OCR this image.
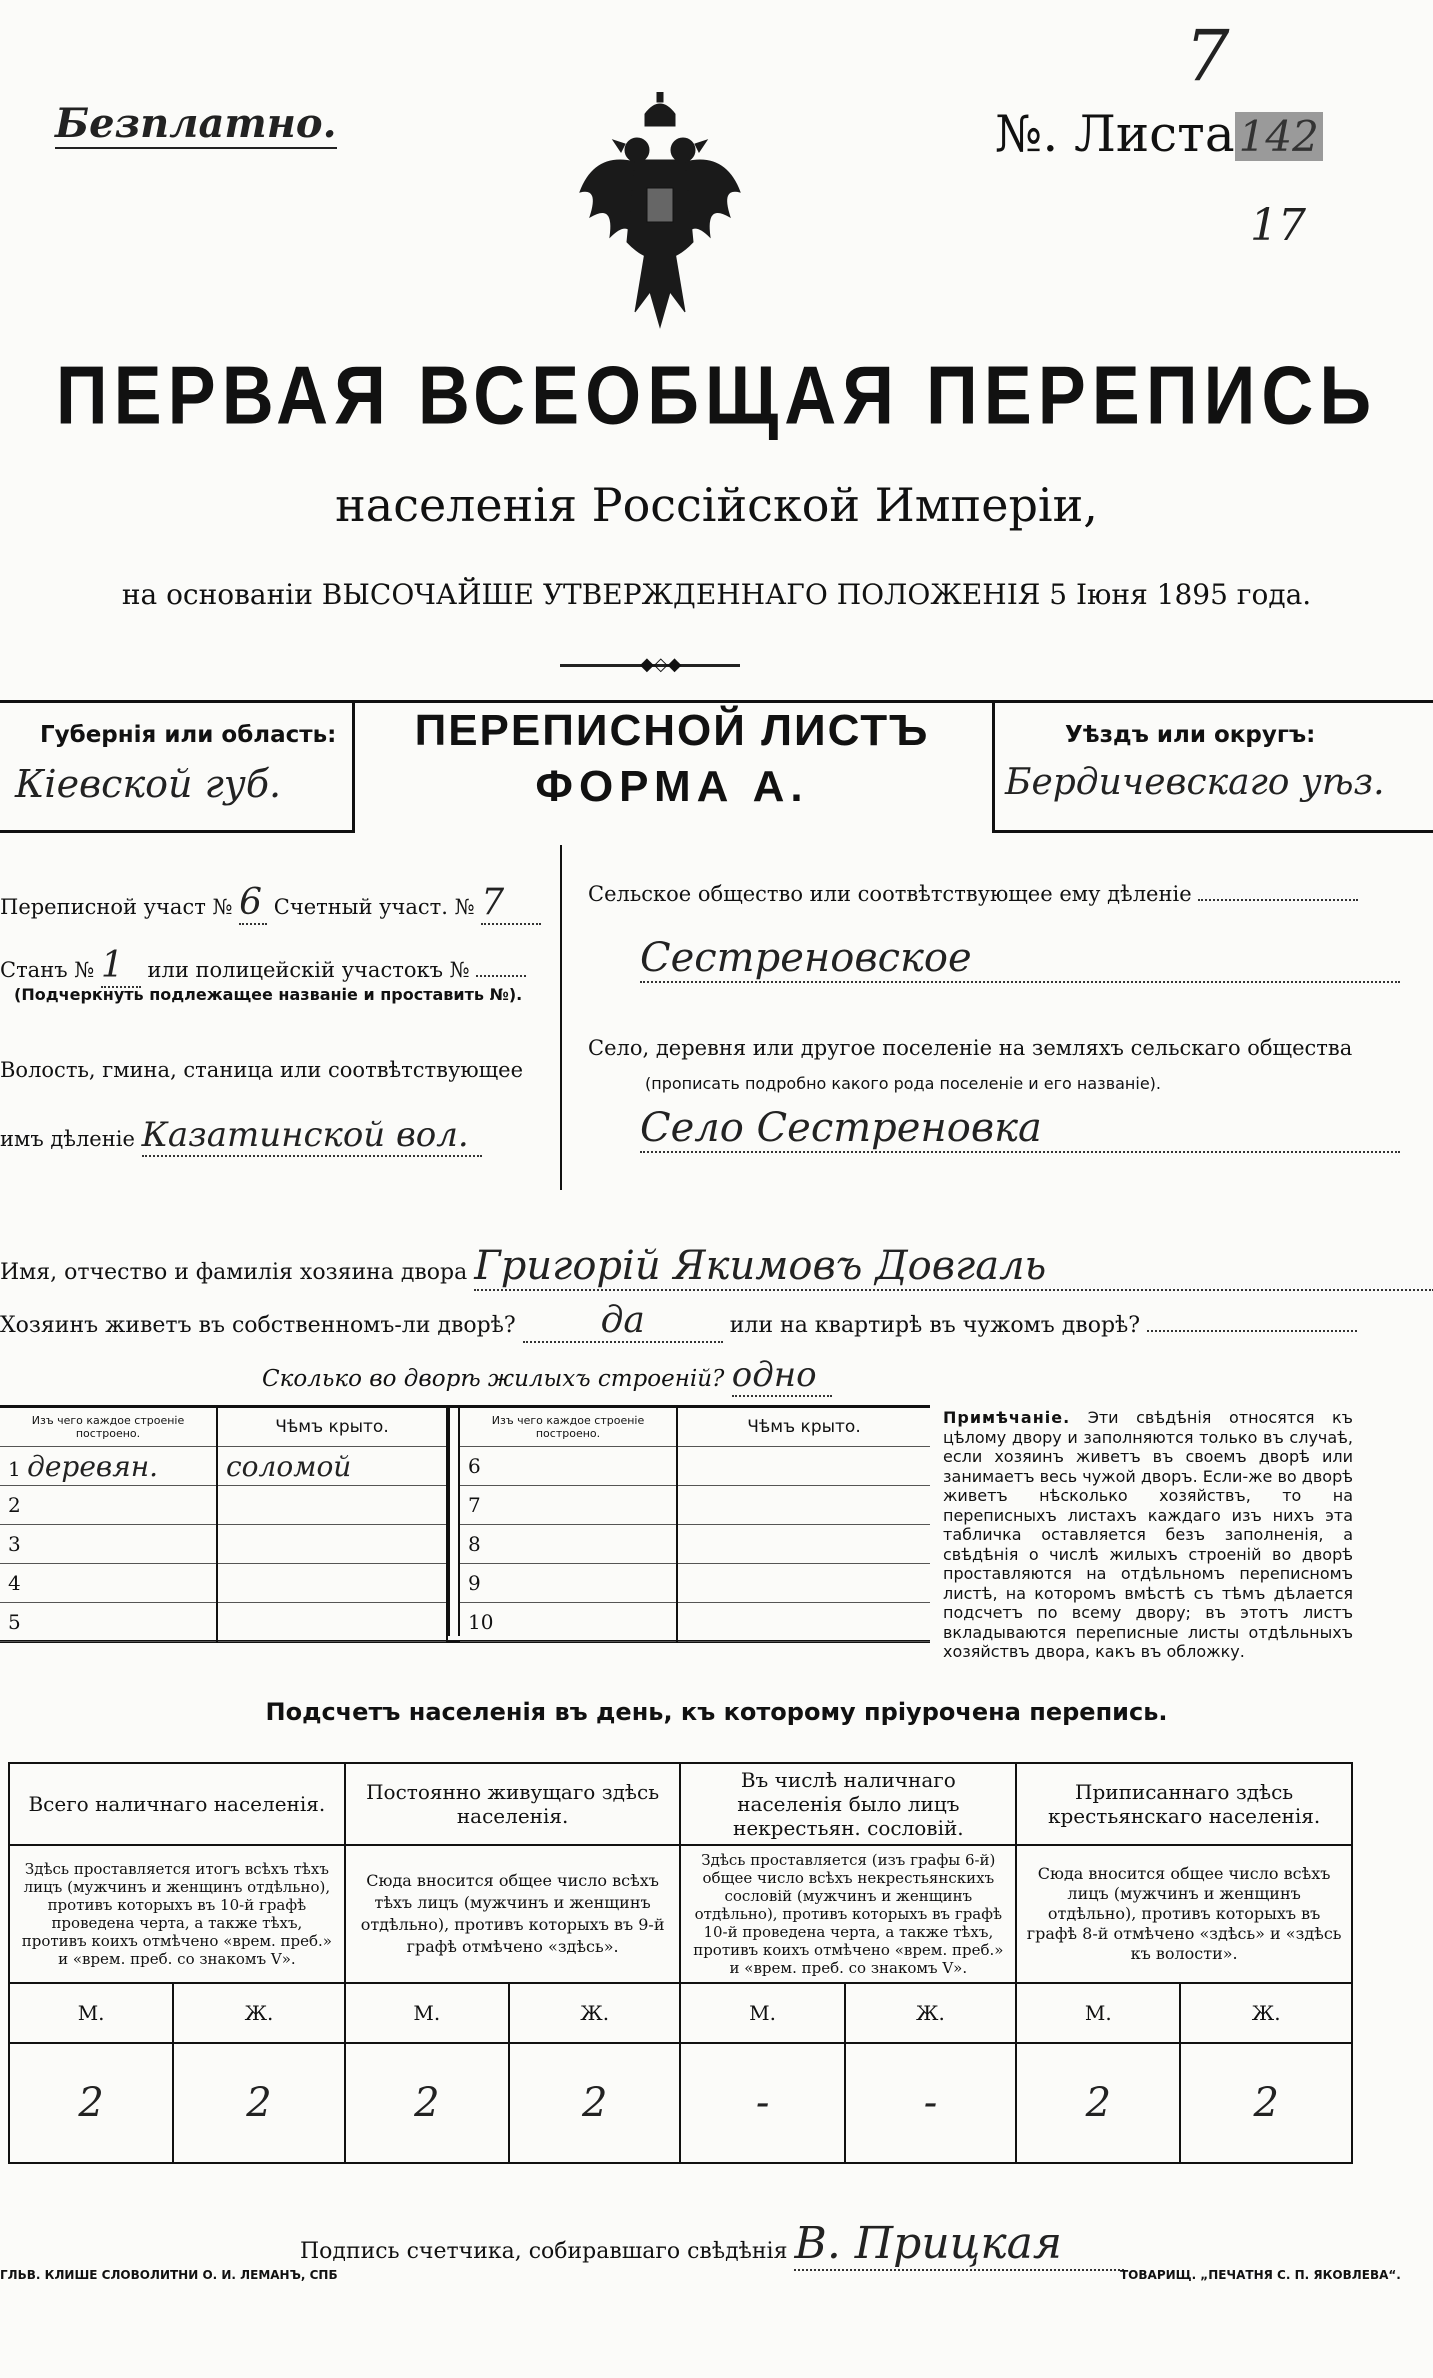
Безплатно.	№. Листа142
7
17
ПЕРВАЯ ВСЕОБЩАЯ ПЕРЕПИСЬ
населенія Россійской Имперіи,
на основаніи ВЫСОЧАЙШЕ УТВЕРЖДЕННАГО ПОЛОЖЕНІЯ 5 Іюня 1895 года.
◆◇◆
Губернія или область:
Кіевской губ.
ПЕРЕПИСНОЙ ЛИСТЪ
ФОРМА А.
Уѣздъ или округъ:
Бердичевскаго уѣз.
Переписной участ № 6 Счетный участ. № 7
Станъ № 1 или полицейскій участокъ №
(Подчеркнуть подлежащее названіе и проставить №).
Волость, гмина, станица или соотвѣтствующее
имъ дѣленіе Казатинской вол.
Сельское общество или соотвѣтствующее ему дѣленіе
Сестреновское
Село, деревня или другое поселеніе на земляхъ сельскаго общества
(прописать подробно какого рода поселеніе и его названіе).
Село Сестреновка
Имя, отчество и фамилія хозяина двора Григорій Якимовъ Довгаль
Хозяинъ живетъ въ собственномъ-ли дворѣ? да	или на квартирѣ въ чужомъ дворѣ?
Сколько во дворѣ жилыхъ строеній? одно
Изъ чего каждое строеніе построено.	Чѣмъ крыто.
1 деревян.	соломой
2	
3	
4	
5	
Изъ чего каждое строеніе построено.	Чѣмъ крыто.
6	
7	
8	
9	
10	
Примѣчаніе. Эти свѣдѣнія относятся къ цѣлому двору и заполняются только въ случаѣ, если хозяинъ живетъ въ своемъ дворѣ или занимаетъ весь чужой дворъ. Если-же во дворѣ живетъ нѣсколько хозяйствъ, то на переписныхъ листахъ каждаго изъ нихъ эта табличка оставляется безъ заполненія, а свѣдѣнія о числѣ жилыхъ строеній во дворѣ проставляются на отдѣльномъ переписномъ листѣ, на которомъ вмѣстѣ съ тѣмъ дѣлается подсчетъ по всему двору; въ этотъ листъ вкладываются переписные листы отдѣльныхъ хозяйствъ двора, какъ въ обложку.
Подсчетъ населенія въ день, къ которому пріурочена перепись.
Всего наличнаго населенія.		Постоянно живущаго здѣсь населенія.		Въ числѣ наличнаго населенія было лицъ некрестьян. сословій.		Приписаннаго здѣсь крестьянскаго населенія.	
Здѣсь проставляется итогъ всѣхъ тѣхъ лицъ (мужчинъ и женщинъ отдѣльно), противъ которыхъ въ 10-й графѣ проведена черта, а также тѣхъ, противъ коихъ отмѣчено «врем. преб.» и «врем. преб. со знакомъ V».		Сюда вносится общее число всѣхъ тѣхъ лицъ (мужчинъ и женщинъ отдѣльно), противъ которыхъ въ 9-й графѣ отмѣчено «здѣсь».		Здѣсь проставляется (изъ графы 6-й) общее число всѣхъ некрестьянскихъ сословій (мужчинъ и женщинъ отдѣльно), противъ которыхъ въ графѣ 10-й проведена черта, а также тѣхъ, противъ коихъ отмѣчено «врем. преб.» и «врем. преб. со знакомъ V».		Сюда вносится общее число всѣхъ лицъ (мужчинъ и женщинъ отдѣльно), противъ которыхъ въ графѣ 8-й отмѣчено «здѣсь» и «здѣсь къ волости».	
М.	Ж.	М.	Ж.	М.	Ж.	М.	Ж.
2	2	2	2	-	-	2	2
Подпись счетчика, собиравшаго свѣдѣнія В. Прицкая
ГЛЬВ. КЛИШЕ СЛОВОЛИТНИ О. И. ЛЕМАНЪ, СПБ	ТОВАРИЩ. „ПЕЧАТНЯ С. П. ЯКОВЛЕВА“.
